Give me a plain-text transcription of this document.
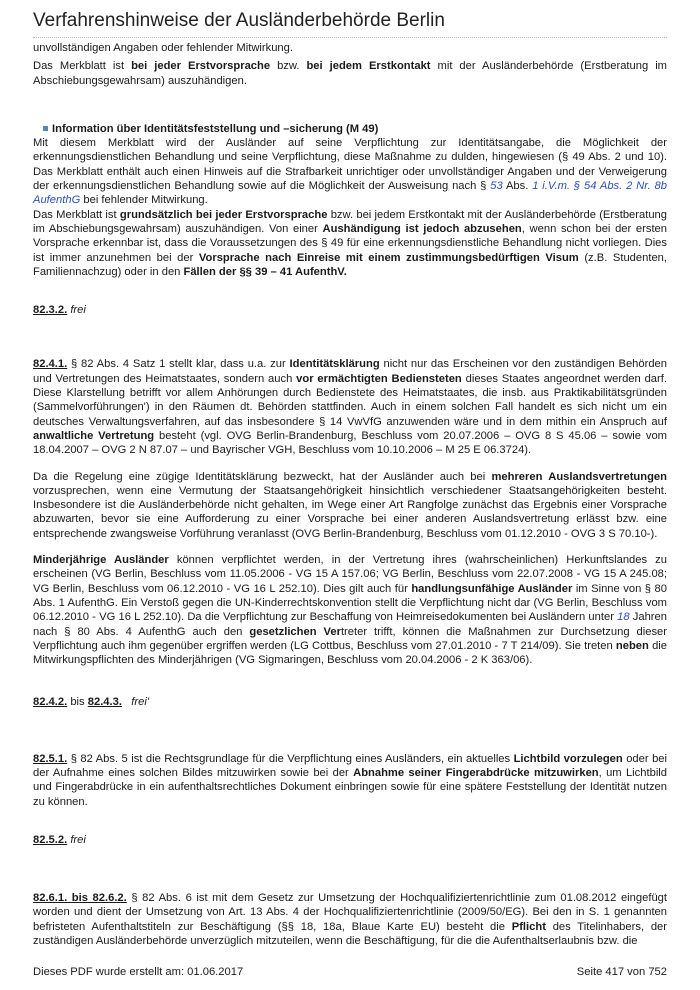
Verfahrenshinweise der Ausländerbehörde Berlin

unvollständigen Angaben oder fehlender Mitwirkung.

Das Merkblatt ist bei jeder Erstvorsprache bzw. bei jedem Erstkontakt mit der Ausländerbehörde (Erstberatung im Abschiebungsgewahrsam) auszuhändigen.

Information über Identitätsfeststellung und –sicherung (M 49)

Mit diesem Merkblatt wird der Ausländer auf seine Verpflichtung zur Identitätsangabe, die Möglichkeit der erkennungsdienstlichen Behandlung und seine Verpflichtung, diese Maßnahme zu dulden, hingewiesen (§ 49 Abs. 2 und 10). Das Merkblatt enthält auch einen Hinweis auf die Strafbarkeit unrichtiger oder unvollständiger Angaben und der Verweigerung der erkennungsdienstlichen Behandlung sowie auf die Möglichkeit der Ausweisung nach § 53 Abs. 1 i.V.m. § 54 Abs. 2 Nr. 8b AufenthG bei fehlender Mitwirkung.

Das Merkblatt ist grundsätzlich bei jeder Erstvorsprache bzw. bei jedem Erstkontakt mit der Ausländerbehörde (Erstberatung im Abschiebungsgewahrsam) auszuhändigen. Von einer Aushändigung ist jedoch abzusehen, wenn schon bei der ersten Vorsprache erkennbar ist, dass die Voraussetzungen des § 49 für eine erkennungsdienstliche Behandlung nicht vorliegen. Dies ist immer anzunehmen bei der Vorsprache nach Einreise mit einem zustimmungsbedürftigen Visum (z.B. Studenten, Familiennachzug) oder in den Fällen der §§ 39 – 41 AufenthV.

82.3.2. frei

82.4.1. § 82 Abs. 4 Satz 1 stellt klar, dass u.a. zur Identitätsklärung nicht nur das Erscheinen vor den zuständigen Behörden und Vertretungen des Heimatstaates, sondern auch vor ermächtigten Bediensteten dieses Staates angeordnet werden darf. Diese Klarstellung betrifft vor allem Anhörungen durch Bedienstete des Heimatstaates, die insb. aus Praktikabilitätsgründen (Sammelvorführungen') in den Räumen dt. Behörden stattfinden. Auch in einem solchen Fall handelt es sich nicht um ein deutsches Verwaltungsverfahren, auf das insbesondere § 14 VwVfG anzuwenden wäre und in dem mithin ein Anspruch auf anwaltliche Vertretung besteht (vgl. OVG Berlin-Brandenburg, Beschluss vom 20.07.2006 – OVG 8 S 45.06 – sowie vom 18.04.2007 – OVG 2 N 87.07 – und Bayrischer VGH, Beschluss vom 10.10.2006 – M 25 E 06.3724).

Da die Regelung eine zügige Identitätsklärung bezweckt, hat der Ausländer auch bei mehreren Auslandsvertretungen vorzusprechen, wenn eine Vermutung der Staatsangehörigkeit hinsichtlich verschiedener Staatsangehörigkeiten besteht. Insbesondere ist die Ausländerbehörde nicht gehalten, im Wege einer Art Rangfolge zunächst das Ergebnis einer Vorsprache abzuwarten, bevor sie eine Aufforderung zu einer Vorsprache bei einer anderen Auslandsvertretung erlässt bzw. eine entsprechende zwangsweise Vorführung veranlasst (OVG Berlin-Brandenburg, Beschluss vom 01.12.2010 - OVG 3 S 70.10-).

Minderjährige Ausländer können verpflichtet werden, in der Vertretung ihres (wahrscheinlichen) Herkunftslandes zu erscheinen (VG Berlin, Beschluss vom 11.05.2006 - VG 15 A 157.06; VG Berlin, Beschluss vom 22.07.2008 - VG 15 A 245.08; VG Berlin, Beschluss vom 06.12.2010 - VG 16 L 252.10). Dies gilt auch für handlungsunfähige Ausländer im Sinne von § 80 Abs. 1 AufenthG. Ein Verstoß gegen die UN-Kinderrechtskonvention stellt die Verpflichtung nicht dar (VG Berlin, Beschluss vom 06.12.2010 - VG 16 L 252.10). Da die Verpflichtung zur Beschaffung von Heimreisedokumenten bei Ausländern unter 18 Jahren nach § 80 Abs. 4 AufenthG auch den gesetzlichen Vertreter trifft, können die Maßnahmen zur Durchsetzung dieser Verpflichtung auch ihm gegenüber ergriffen werden (LG Cottbus, Beschluss vom 27.01.2010 - 7 T 214/09). Sie treten neben die Mitwirkungspflichten des Minderjährigen (VG Sigmaringen, Beschluss vom 20.04.2006 - 2 K 363/06).

82.4.2. bis 82.4.3. frei'

82.5.1. § 82 Abs. 5 ist die Rechtsgrundlage für die Verpflichtung eines Ausländers, ein aktuelles Lichtbild vorzulegen oder bei der Aufnahme eines solchen Bildes mitzuwirken sowie bei der Abnahme seiner Fingerabdrücke mitzuwirken, um Lichtbild und Fingerabdrücke in ein aufenthaltsrechtliches Dokument einbringen sowie für eine spätere Feststellung der Identität nutzen zu können.

82.5.2. frei

82.6.1. bis 82.6.2. § 82 Abs. 6 ist mit dem Gesetz zur Umsetzung der Hochqualifiziertenrichtlinie zum 01.08.2012 eingefügt worden und dient der Umsetzung von Art. 13 Abs. 4 der Hochqualifiziertenrichtlinie (2009/50/EG). Bei den in S. 1 genannten befristeten Aufenthaltstiteln zur Beschäftigung (§§ 18, 18a, Blaue Karte EU) besteht die Pflicht des Titelinhabers, der zuständigen Ausländerbehörde unverzüglich mitzuteilen, wenn die Beschäftigung, für die die Aufenthaltserlaubnis bzw. die

Dieses PDF wurde erstellt am: 01.06.2017	Seite 417 von 752
